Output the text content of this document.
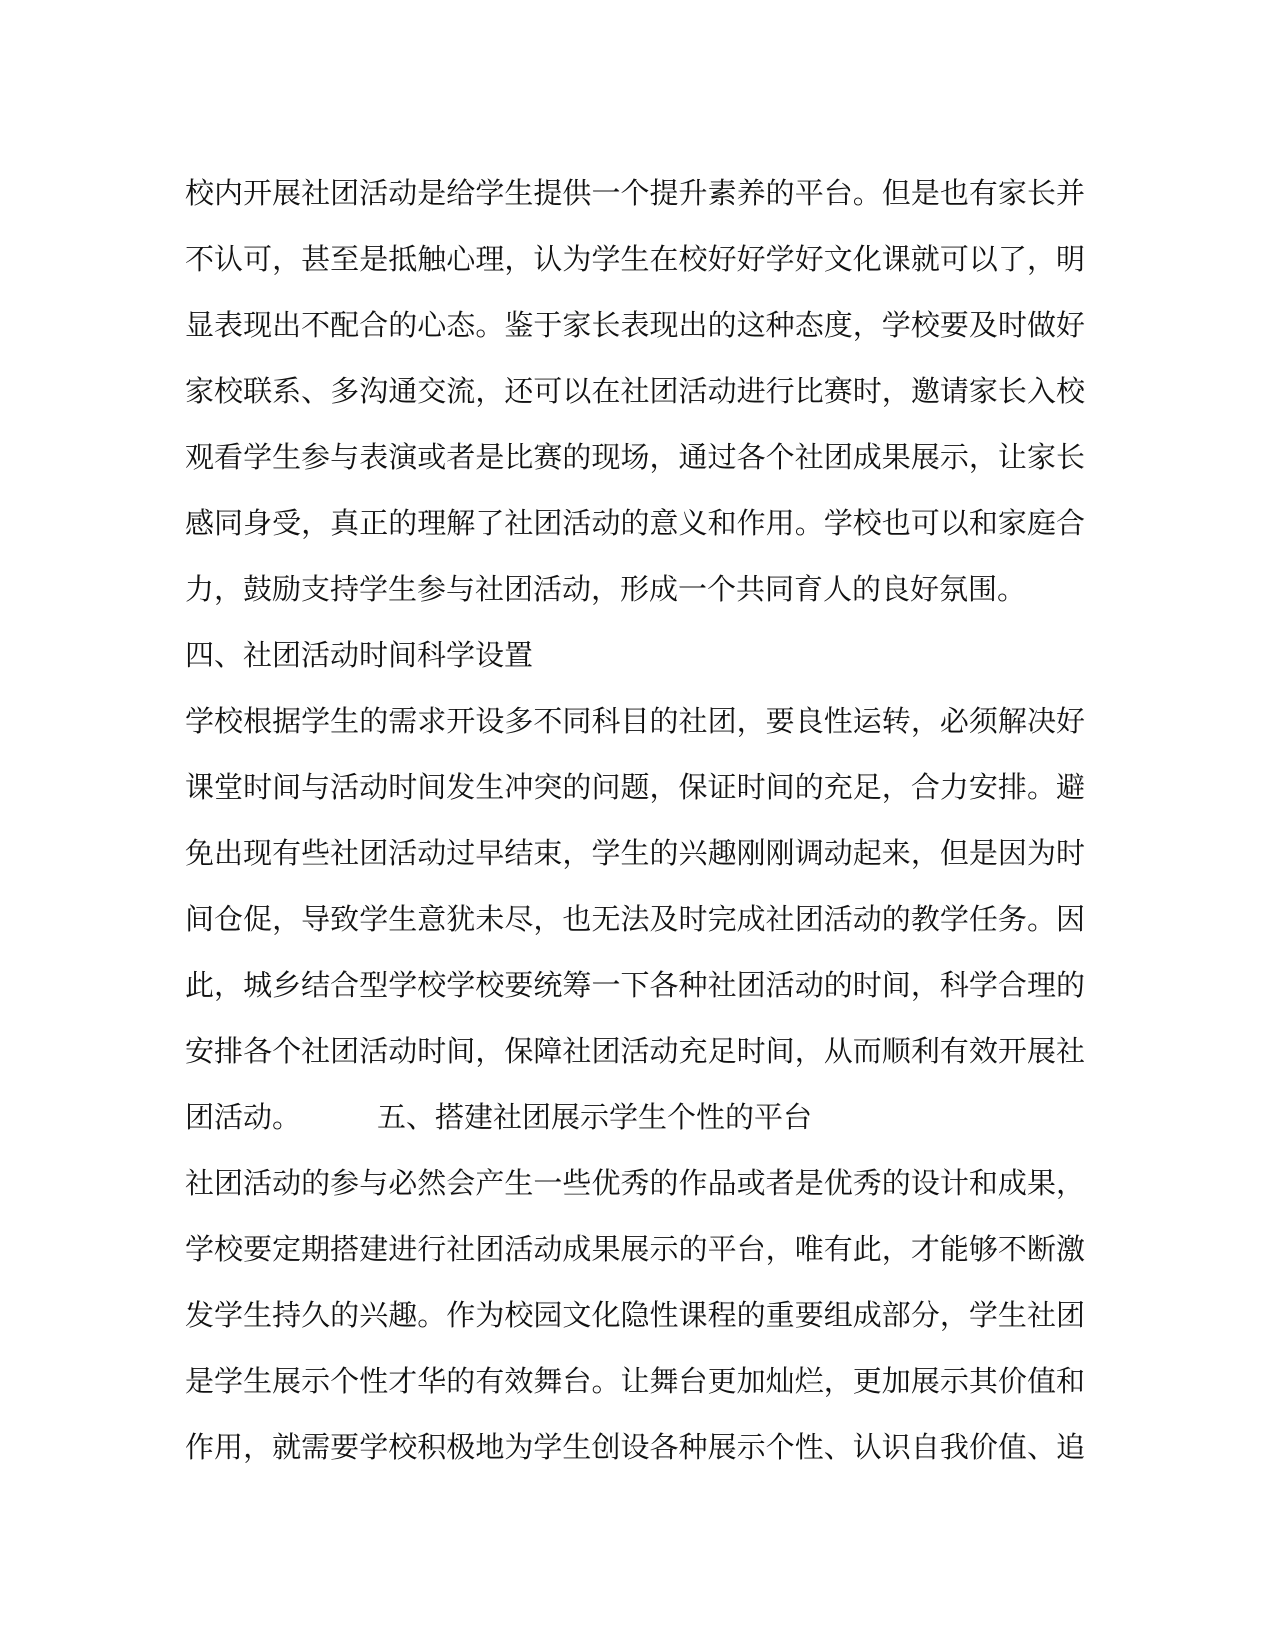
校内开展社团活动是给学生提供一个提升素养的平台。但是也有家长并
不认可，甚至是抵触心理，认为学生在校好好学好文化课就可以了，明
显表现出不配合的心态。鉴于家长表现出的这种态度，学校要及时做好
家校联系、多沟通交流，还可以在社团活动进行比赛时，邀请家长入校
观看学生参与表演或者是比赛的现场，通过各个社团成果展示，让家长
感同身受，真正的理解了社团活动的意义和作用。学校也可以和家庭合
力，鼓励支持学生参与社团活动，形成一个共同育人的良好氛围。
四、社团活动时间科学设置
学校根据学生的需求开设多不同科目的社团，要良性运转，必须解决好
课堂时间与活动时间发生冲突的问题，保证时间的充足，合力安排。避
免出现有些社团活动过早结束，学生的兴趣刚刚调动起来，但是因为时
间仓促，导致学生意犹未尽，也无法及时完成社团活动的教学任务。因
此，城乡结合型学校学校要统筹一下各种社团活动的时间，科学合理的
安排各个社团活动时间，保障社团活动充足时间，从而顺利有效开展社
团活动。	五、搭建社团展示学生个性的平台
社团活动的参与必然会产生一些优秀的作品或者是优秀的设计和成果，
学校要定期搭建进行社团活动成果展示的平台，唯有此，才能够不断激
发学生持久的兴趣。作为校园文化隐性课程的重要组成部分，学生社团
是学生展示个性才华的有效舞台。让舞台更加灿烂，更加展示其价值和
作用，就需要学校积极地为学生创设各种展示个性、认识自我价值、追
